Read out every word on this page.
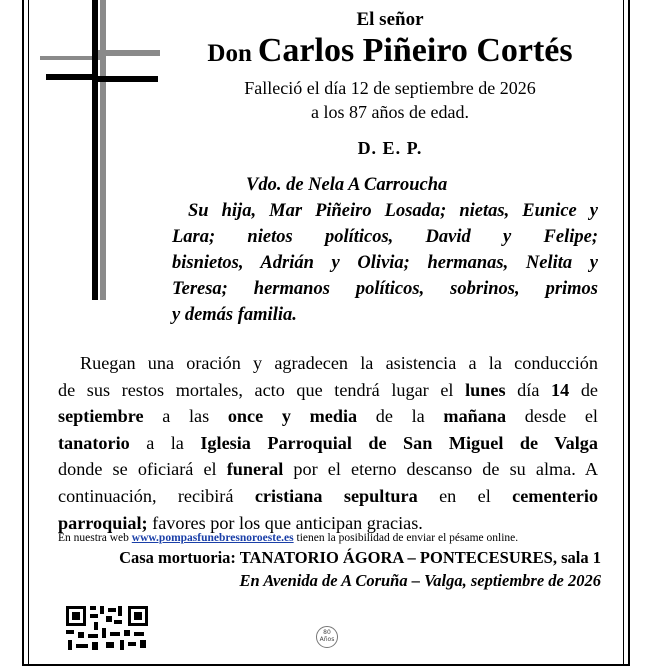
El señor
Don Carlos Piñeiro Cortés
Falleció el día 12 de septiembre de 2026
a los 87 años de edad.
D. E. P.
Vdo. de Nela A Carroucha
Su hija, Mar Piñeiro Losada; nietas, Eunice y
Lara; nietos políticos, David y Felipe;
bisnietos, Adrián y Olivia; hermanas, Nelita y
Teresa; hermanos políticos, sobrinos, primos
y demás familia.
Ruegan una oración y agradecen la asistencia a la conducción
de sus restos mortales, acto que tendrá lugar el lunes día 14 de
septiembre a las once y media de la mañana desde el
tanatorio a la Iglesia Parroquial de San Miguel de Valga
donde se oficiará el funeral por el eterno descanso de su alma. A
continuación, recibirá cristiana sepultura en el cementerio
parroquial; favores por los que anticipan gracias.
En nuestra web www.pompasfunebresnoroeste.es tienen la posibilidad de enviar el pésame online.
Casa mortuoria: TANATORIO ÁGORA – PONTECESURES, sala 1
En Avenida de A Coruña – Valga, septiembre de 2026
80
Años
